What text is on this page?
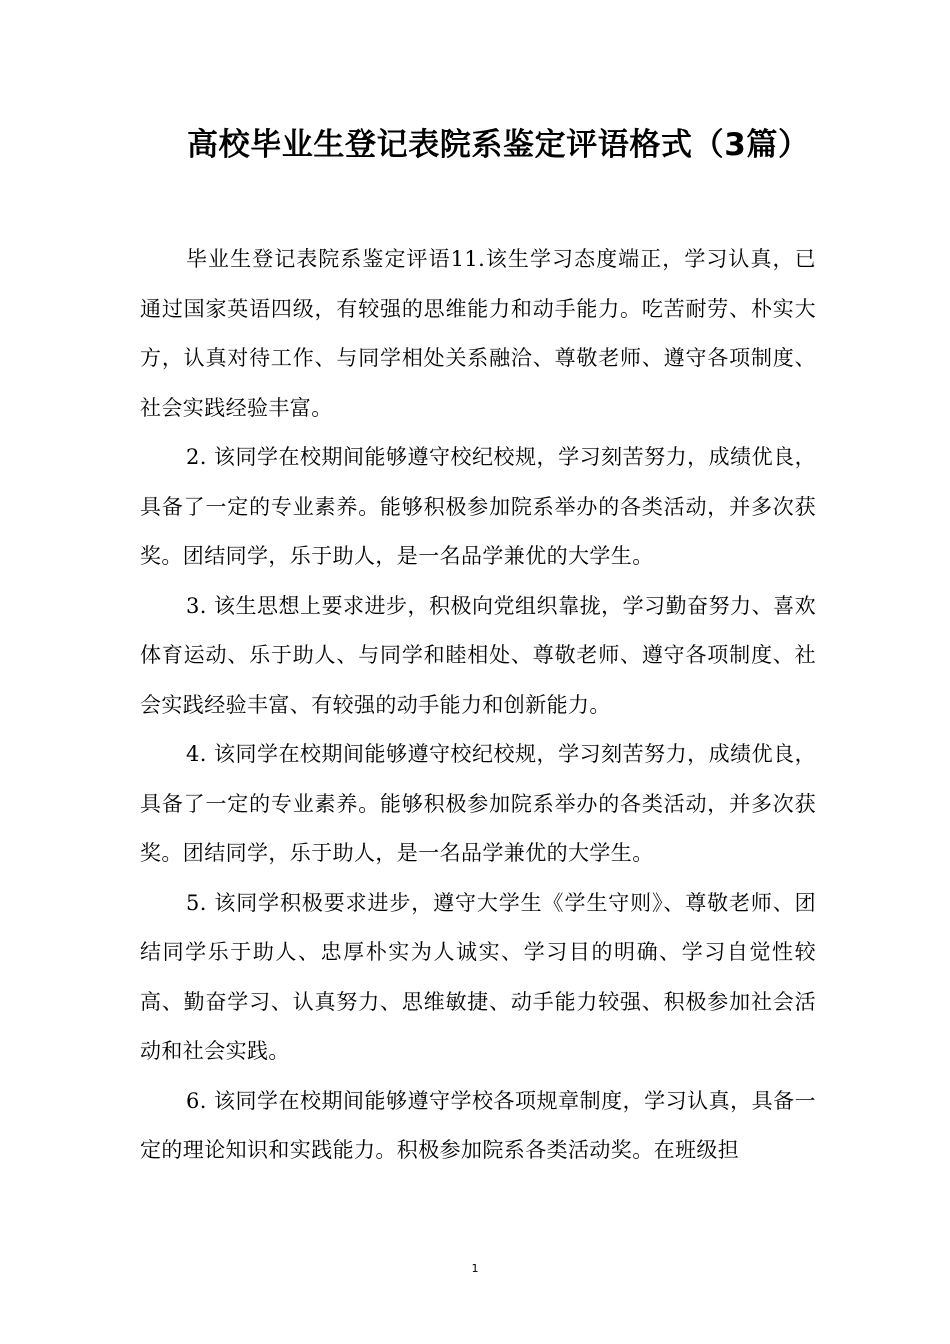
高校毕业生登记表院系鉴定评语格式（3篇）

毕业生登记表院系鉴定评语11.该生学习态度端正，学习认真，已通过国家英语四级，有较强的思维能力和动手能力。吃苦耐劳、朴实大方，认真对待工作、与同学相处关系融洽、尊敬老师、遵守各项制度、社会实践经验丰富。

2. 该同学在校期间能够遵守校纪校规，学习刻苦努力，成绩优良，具备了一定的专业素养。能够积极参加院系举办的各类活动，并多次获奖。团结同学，乐于助人，是一名品学兼优的大学生。

3. 该生思想上要求进步，积极向党组织靠拢，学习勤奋努力、喜欢体育运动、乐于助人、与同学和睦相处、尊敬老师、遵守各项制度、社会实践经验丰富、有较强的动手能力和创新能力。

4. 该同学在校期间能够遵守校纪校规，学习刻苦努力，成绩优良，具备了一定的专业素养。能够积极参加院系举办的各类活动，并多次获奖。团结同学，乐于助人，是一名品学兼优的大学生。

5. 该同学积极要求进步，遵守大学生《学生守则》、尊敬老师、团结同学乐于助人、忠厚朴实为人诚实、学习目的明确、学习自觉性较高、勤奋学习、认真努力、思维敏捷、动手能力较强、积极参加社会活动和社会实践。

6. 该同学在校期间能够遵守学校各项规章制度，学习认真，具备一定的理论知识和实践能力。积极参加院系各类活动奖。在班级担

1
